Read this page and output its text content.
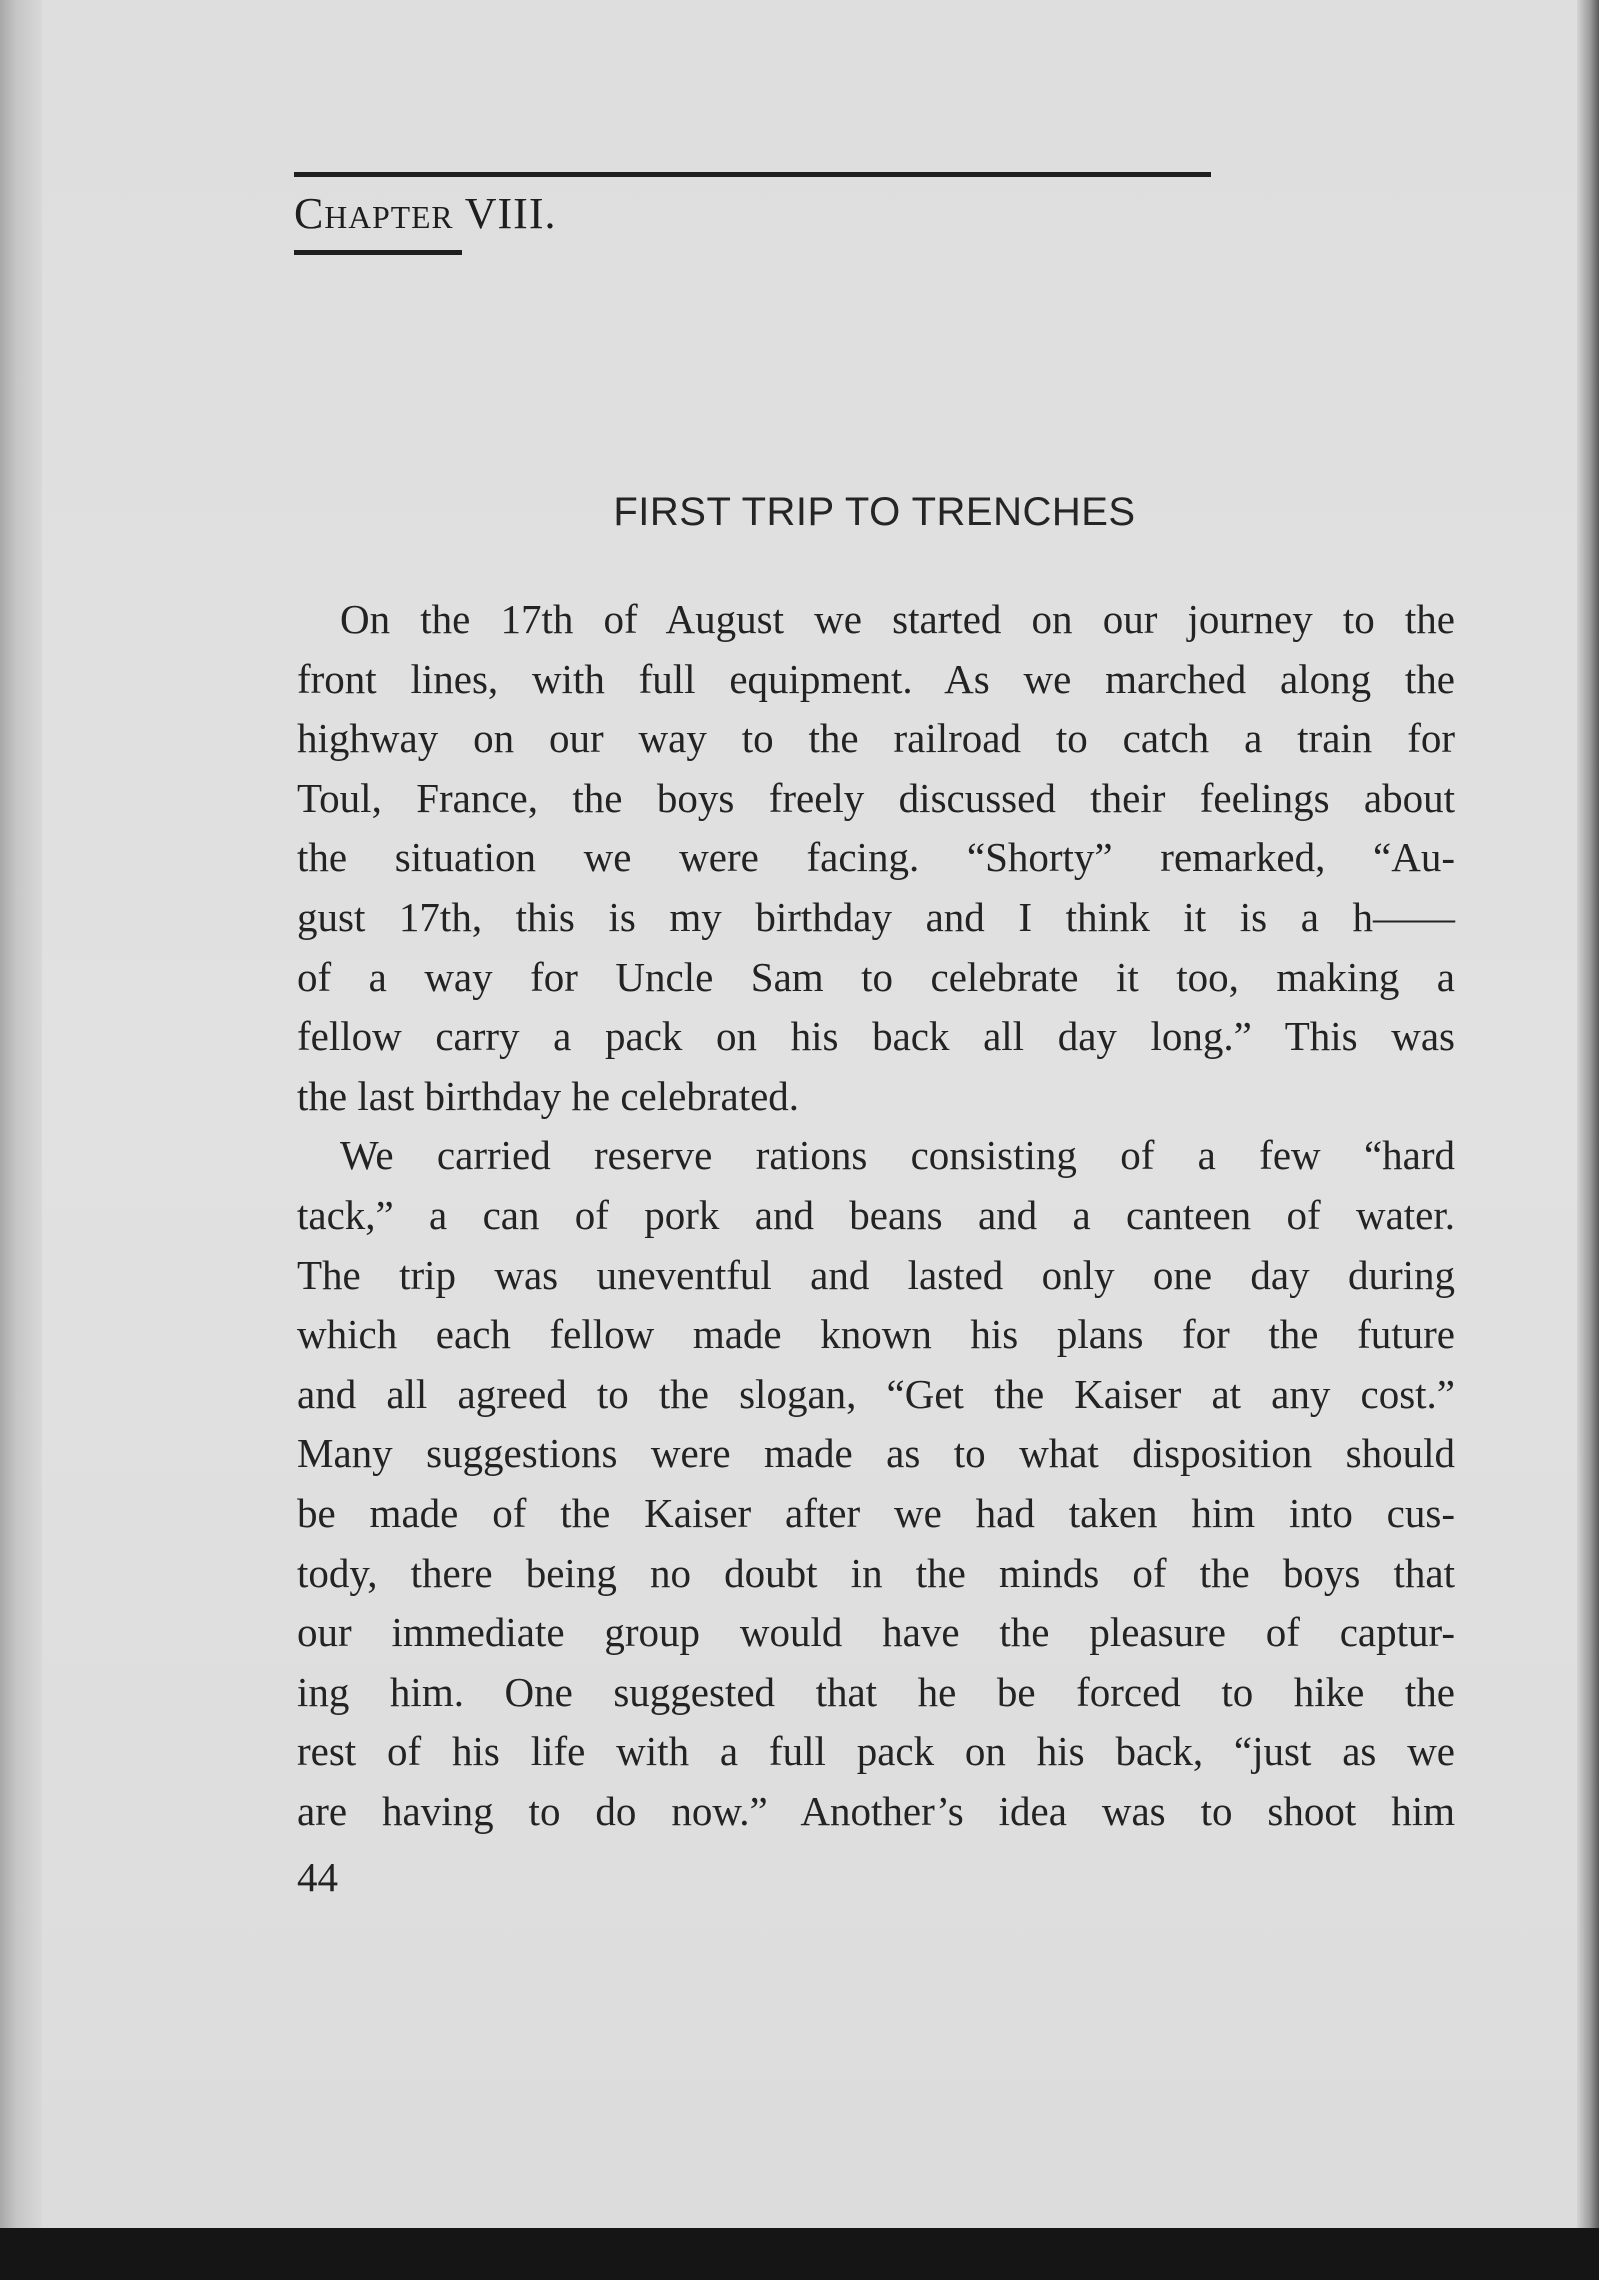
CHAPTER VIII.
FIRST TRIP TO TRENCHES
On the 17th of August we started on our journey to the
front lines, with full equipment. As we marched along the
highway on our way to the railroad to catch a train for
Toul, France, the boys freely discussed their feelings about
the situation we were facing. “Shorty” remarked, “Au-
gust 17th, this is my birthday and I think it is a h——
of a way for Uncle Sam to celebrate it too, making a
fellow carry a pack on his back all day long.” This was
the last birthday he celebrated.
We carried reserve rations consisting of a few “hard
tack,” a can of pork and beans and a canteen of water.
The trip was uneventful and lasted only one day during
which each fellow made known his plans for the future
and all agreed to the slogan, “Get the Kaiser at any cost.”
Many suggestions were made as to what disposition should
be made of the Kaiser after we had taken him into cus-
tody, there being no doubt in the minds of the boys that
our immediate group would have the pleasure of captur-
ing him. One suggested that he be forced to hike the
rest of his life with a full pack on his back, “just as we
are having to do now.” Another’s idea was to shoot him
44
